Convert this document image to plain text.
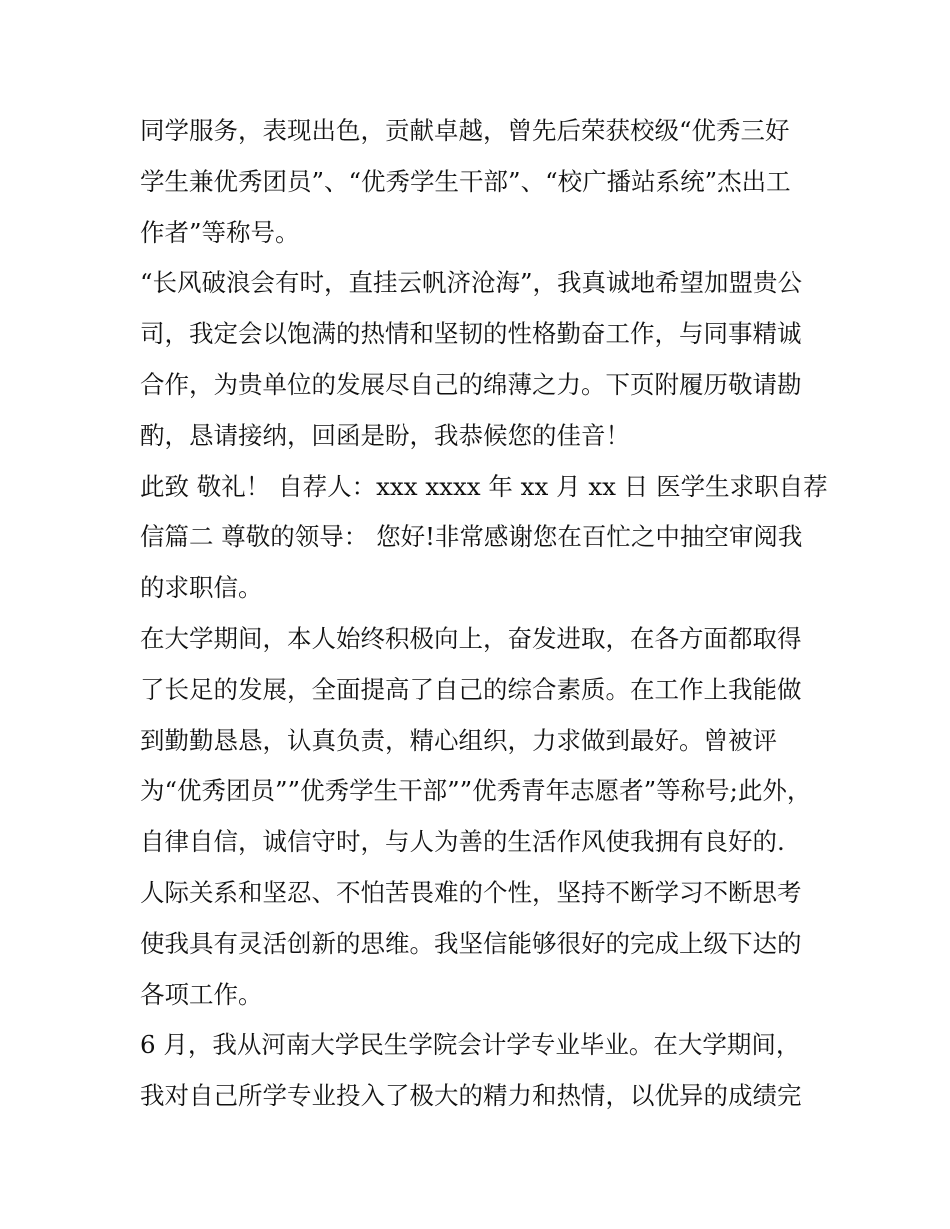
同学服务，表现出色，贡献卓越，曾先后荣获校级“优秀三好
学生兼优秀团员”、“优秀学生干部”、“校广播站系统”杰出工
作者”等称号。
“长风破浪会有时，直挂云帆济沧海”，我真诚地希望加盟贵公
司，我定会以饱满的热情和坚韧的性格勤奋工作，与同事精诚
合作，为贵单位的发展尽自己的绵薄之力。下页附履历敬请勘
酌，恳请接纳，回函是盼，我恭候您的佳音！
此致 敬礼！ 自荐人：xxx xxxx 年 xx 月 xx 日 医学生求职自荐
信篇二 尊敬的领导： 您好!非常感谢您在百忙之中抽空审阅我
的求职信。
在大学期间，本人始终积极向上，奋发进取，在各方面都取得
了长足的发展，全面提高了自己的综合素质。在工作上我能做
到勤勤恳恳，认真负责，精心组织，力求做到最好。曾被评
为“优秀团员””优秀学生干部””优秀青年志愿者”等称号;此外，
自律自信，诚信守时，与人为善的生活作风使我拥有良好的.
人际关系和坚忍、不怕苦畏难的个性，坚持不断学习不断思考
使我具有灵活创新的思维。我坚信能够很好的完成上级下达的
各项工作。
6 月，我从河南大学民生学院会计学专业毕业。在大学期间，
我对自己所学专业投入了极大的精力和热情，以优异的成绩完
